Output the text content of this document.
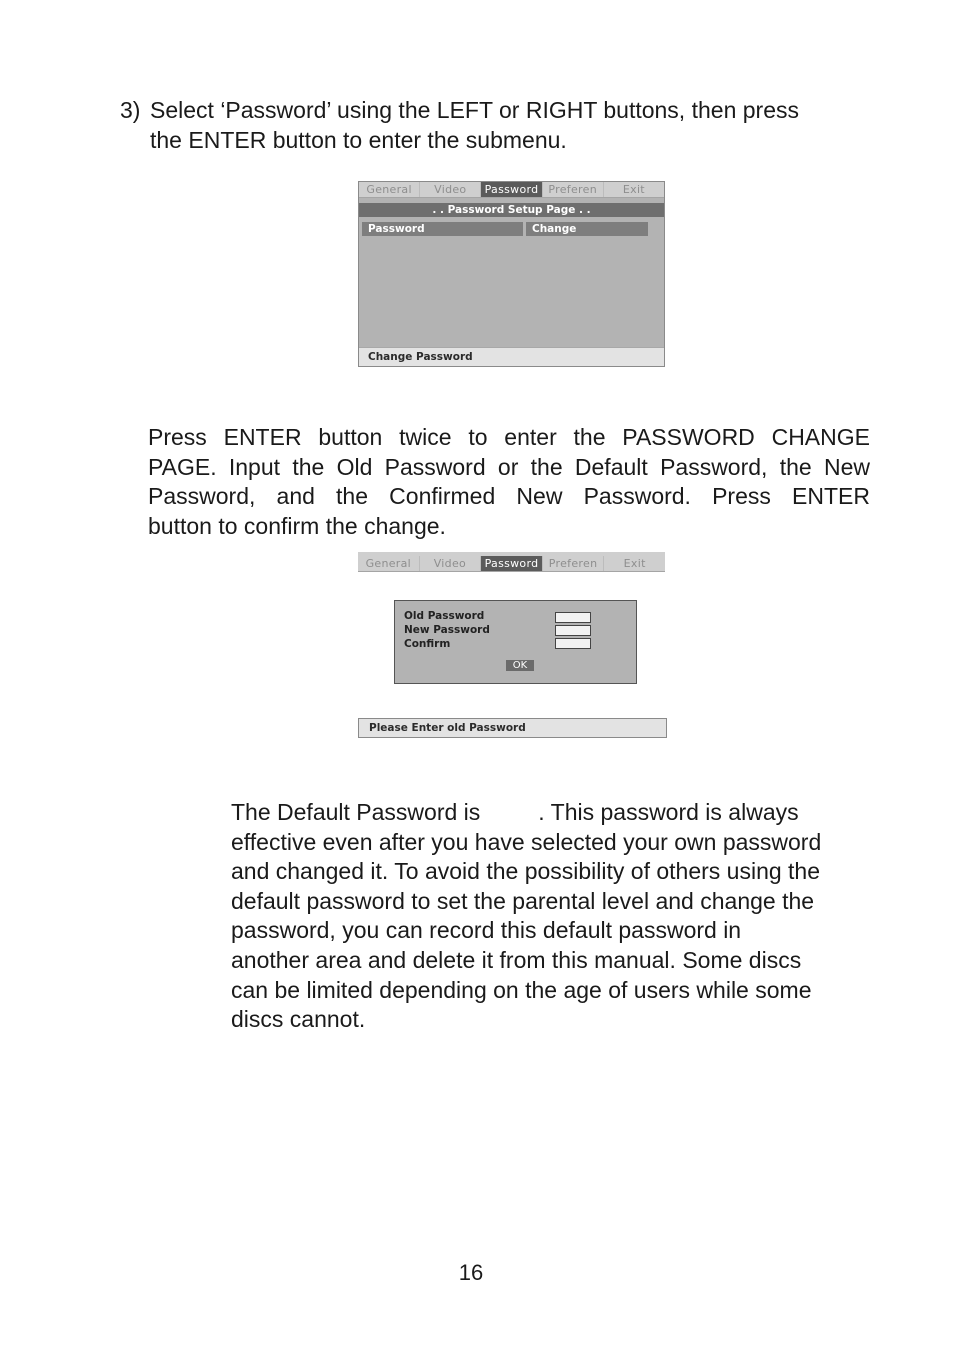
3) Select ‘Password’ using the LEFT or RIGHT buttons, then press
the ENTER button to enter the submenu.

General	Video	Password Preferen	Exit
. . Password Setup Page . .
Password	Change
Change Password

Press ENTER button twice to enter the PASSWORD CHANGE
PAGE. Input the Old Password or the Default Password, the New
Password, and the Confirmed New Password. Press ENTER
button to confirm the change.

General	Video	Password Preferen	Exit
Old Password
New Password
Confirm
OK
Please Enter old Password

The Default Password is	. This password is always
effective even after you have selected your own password
and changed it. To avoid the possibility of others using the
default password to set the parental level and change the
password, you can record this default password in
another area and delete it from this manual. Some discs
can be limited depending on the age of users while some
discs cannot.

16
